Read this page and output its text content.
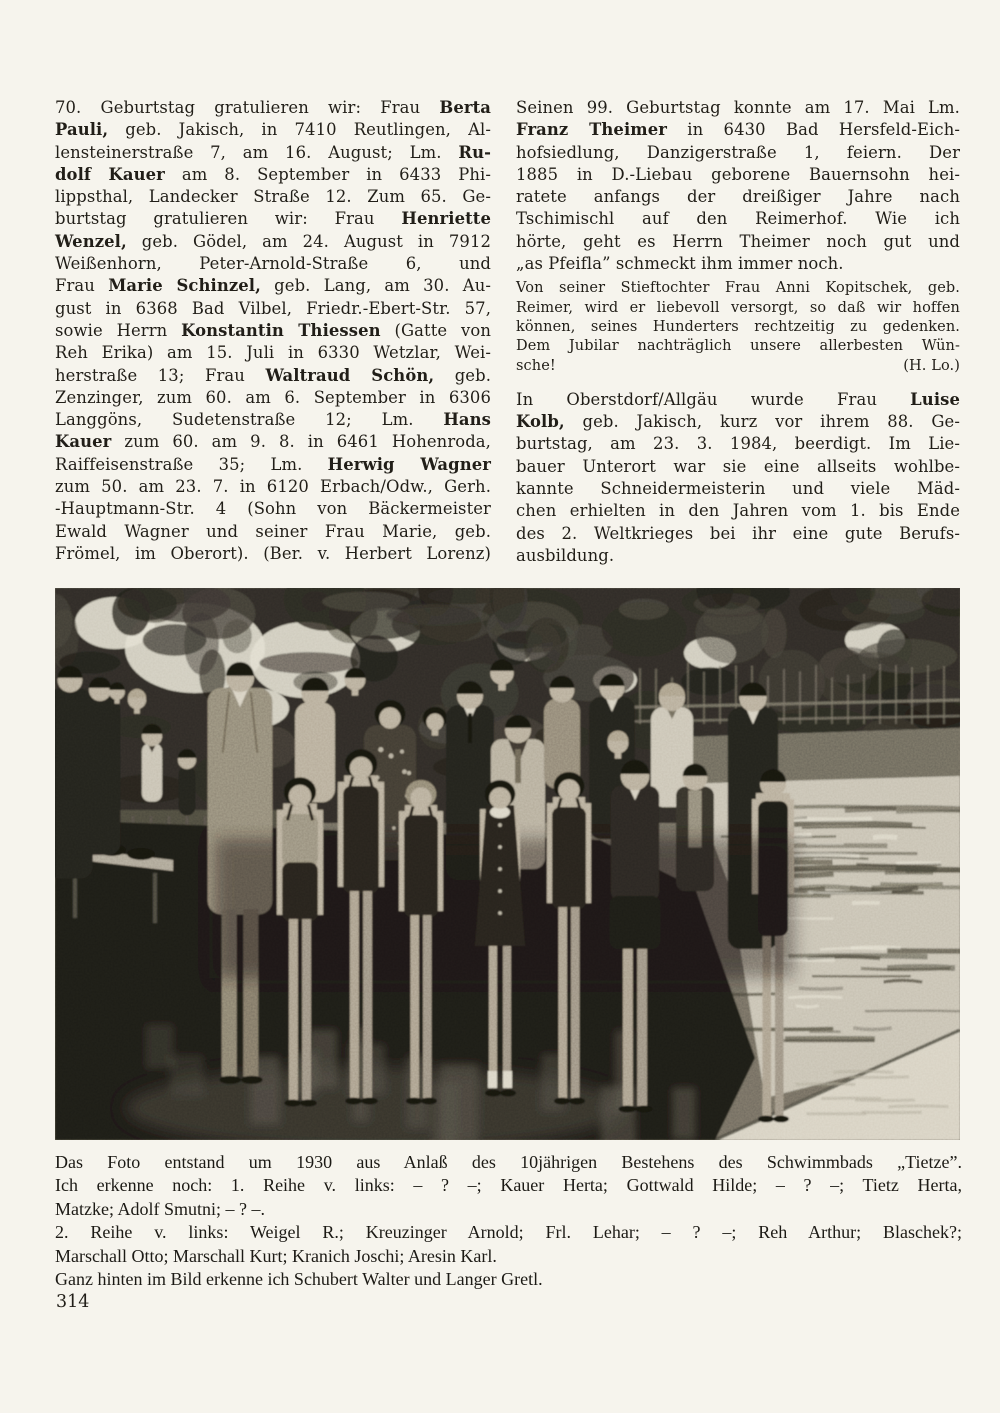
70. Geburtstag gratulieren wir: Frau Berta
Pauli, geb. Jakisch, in 7410 Reutlingen, Al-
lensteinerstraße 7, am 16. August; Lm. Ru-
dolf Kauer am 8. September in 6433 Phi-
lippsthal, Landecker Straße 12. Zum 65. Ge-
burtstag gratulieren wir: Frau Henriette
Wenzel, geb. Gödel, am 24. August in 7912
Weißenhorn, Peter-Arnold-Straße 6, und
Frau Marie Schinzel, geb. Lang, am 30. Au-
gust in 6368 Bad Vilbel, Friedr.-Ebert-Str. 57,
sowie Herrn Konstantin Thiessen (Gatte von
Reh Erika) am 15. Juli in 6330 Wetzlar, Wei-
herstraße 13; Frau Waltraud Schön, geb.
Zenzinger, zum 60. am 6. September in 6306
Langgöns, Sudetenstraße 12; Lm. Hans
Kauer zum 60. am 9. 8. in 6461 Hohenroda,
Raiffeisenstraße 35; Lm. Herwig Wagner
zum 50. am 23. 7. in 6120 Erbach/Odw., Gerh.
-Hauptmann-Str. 4 (Sohn von Bäckermeister
Ewald Wagner und seiner Frau Marie, geb.
Frömel, im Oberort). (Ber. v. Herbert Lorenz)
Seinen 99. Geburtstag konnte am 17. Mai Lm.
Franz Theimer in 6430 Bad Hersfeld-Eich-
hofsiedlung, Danzigerstraße 1, feiern. Der
1885 in D.-Liebau geborene Bauernsohn hei-
ratete anfangs der dreißiger Jahre nach
Tschimischl auf den Reimerhof. Wie ich
hörte, geht es Herrn Theimer noch gut und
„as Pfeifla” schmeckt ihm immer noch.
Von seiner Stieftochter Frau Anni Kopitschek, geb.
Reimer, wird er liebevoll versorgt, so daß wir hoffen
können, seines Hunderters rechtzeitig zu gedenken.
Dem Jubilar nachträglich unsere allerbesten Wün-
sche!	(H. Lo.)
In Oberstdorf/Allgäu wurde Frau Luise
Kolb, geb. Jakisch, kurz vor ihrem 88. Ge-
burtstag, am 23. 3. 1984, beerdigt. Im Lie-
bauer Unterort war sie eine allseits wohlbe-
kannte Schneidermeisterin und viele Mäd-
chen erhielten in den Jahren vom 1. bis Ende
des 2. Weltkrieges bei ihr eine gute Berufs-
ausbildung.
Das Foto entstand um 1930 aus Anlaß des 10jährigen Bestehens des Schwimmbads „Tietze”.
Ich erkenne noch: 1. Reihe v. links: – ? –; Kauer Herta; Gottwald Hilde; – ? –; Tietz Herta,
Matzke; Adolf Smutni; – ? –.
2. Reihe v. links: Weigel R.; Kreuzinger Arnold; Frl. Lehar; – ? –; Reh Arthur; Blaschek?;
Marschall Otto; Marschall Kurt; Kranich Joschi; Aresin Karl.
Ganz hinten im Bild erkenne ich Schubert Walter und Langer Gretl.
314
